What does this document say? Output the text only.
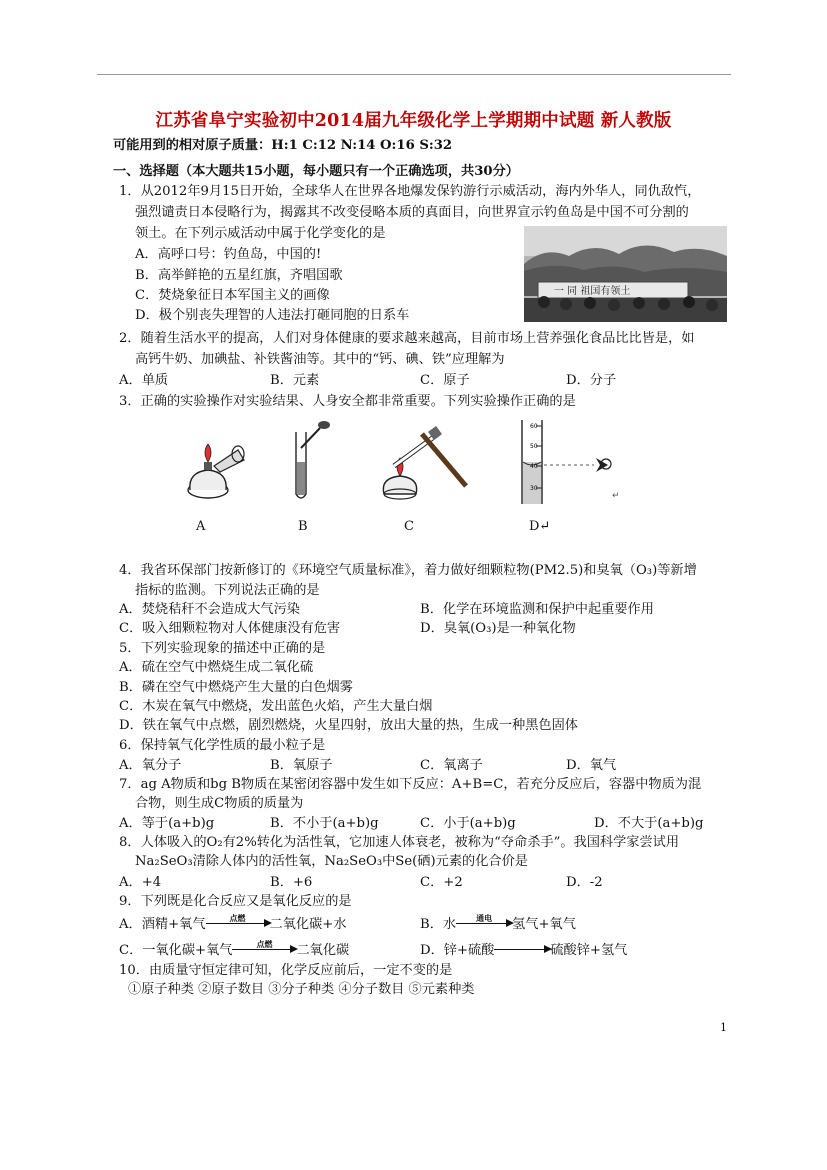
江苏省阜宁实验初中2014届九年级化学上学期期中试题 新人教版
可能用到的相对原子质量：H:1 C:12 N:14 O:16 S:32
一、选择题（本大题共15小题，每小题只有一个正确选项，共30分）
1．从2012年9月15日开始，全球华人在世界各地爆发保钓游行示威活动，海内外华人，同仇敌忾，
强烈谴责日本侵略行为，揭露其不改变侵略本质的真面目，向世界宣示钓鱼岛是中国不可分割的
领土。在下列示威活动中属于化学变化的是
A．高呼口号：钓鱼岛，中国的!
B．高举鲜艳的五星红旗，齐唱国歌
C．焚烧象征日本军国主义的画像
D．极个别丧失理智的人违法打砸同胞的日系车
一 同 祖国有领土
2．随着生活水平的提高，人们对身体健康的要求越来越高，目前市场上营养强化食品比比皆是，如
高钙牛奶、加碘盐、补铁酱油等。其中的“钙、碘、铁”应理解为
A．单质	B．元素	C．原子	D．分子
3．正确的实验操作对实验结果、人身安全都非常重要。下列实验操作正确的是
A	B	C
60
50
40
30
↵
D↵
4．我省环保部门按新修订的《环境空气质量标准》，着力做好细颗粒物(PM2.5)和臭氧（O₃)等新增
指标的监测。下列说法正确的是
A．焚烧秸秆不会造成大气污染	B．化学在环境监测和保护中起重要作用
C．吸入细颗粒物对人体健康没有危害	D．臭氧(O₃)是一种氧化物
5．下列实验现象的描述中正确的是
A．硫在空气中燃烧生成二氧化硫
B．磷在空气中燃烧产生大量的白色烟雾
C．木炭在氧气中燃烧，发出蓝色火焰，产生大量白烟
D．铁在氧气中点燃，剧烈燃烧，火星四射，放出大量的热，生成一种黑色固体
6．保持氧气化学性质的最小粒子是
A．氧分子	B．氧原子	C．氧离子	D．氧气
7．ag A物质和bg B物质在某密闭容器中发生如下反应：A+B=C，若充分反应后，容器中物质为混
合物，则生成C物质的质量为
A．等于(a+b)g	B．不小于(a+b)g	C．小于(a+b)g	D．不大于(a+b)g
8．人体吸入的O₂有2%转化为活性氧，它加速人体衰老，被称为“夺命杀手”。我国科学家尝试用
Na₂SeO₃清除人体内的活性氧，Na₂SeO₃中Se(硒)元素的化合价是
A．+4	B．+6	C．+2	D．-2
9．下列既是化合反应又是氧化反应的是
A．酒精+氧气	点燃	二氧化碳+水	B．水	通电	氢气+氧气
C．一氧化碳+氧气	点燃	二氧化碳	D．锌+硫酸	硫酸锌+氢气
10．由质量守恒定律可知，化学反应前后，一定不变的是
①原子种类 ②原子数目 ③分子种类 ④分子数目 ⑤元素种类
1
